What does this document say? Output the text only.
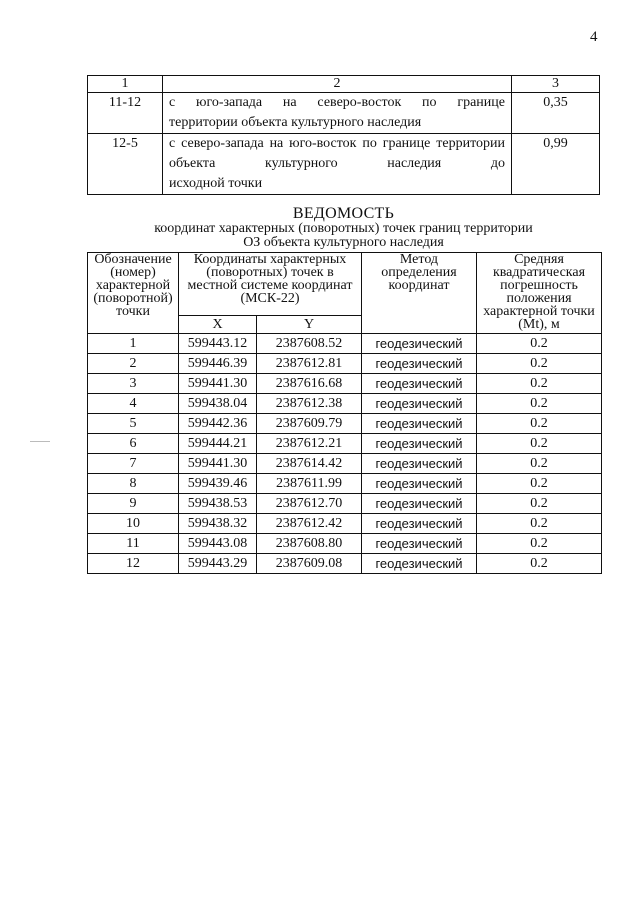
4
1	2	3
11-12	с юго-запада на северо-восток по границе
территории объекта культурного наследия	0,35
12-5	с северо-запада на юго-восток по границе территории объекта культурного наследия до
исходной точки	0,99
ВЕДОМОСТЬ
координат характерных (поворотных) точек границ территории
ОЗ объекта культурного наследия
Обозначение (номер) характерной (поворотной) точки	Координаты характерных (поворотных) точек в местной системе координат (МСК-22)		Метод определения координат	Средняя квадратическая погрешность положения характерной точки (Mt), м
	X	Y		
1	599443.12	2387608.52	геодезический	0.2
2	599446.39	2387612.81	геодезический	0.2
3	599441.30	2387616.68	геодезический	0.2
4	599438.04	2387612.38	геодезический	0.2
5	599442.36	2387609.79	геодезический	0.2
6	599444.21	2387612.21	геодезический	0.2
7	599441.30	2387614.42	геодезический	0.2
8	599439.46	2387611.99	геодезический	0.2
9	599438.53	2387612.70	геодезический	0.2
10	599438.32	2387612.42	геодезический	0.2
11	599443.08	2387608.80	геодезический	0.2
12	599443.29	2387609.08	геодезический	0.2
